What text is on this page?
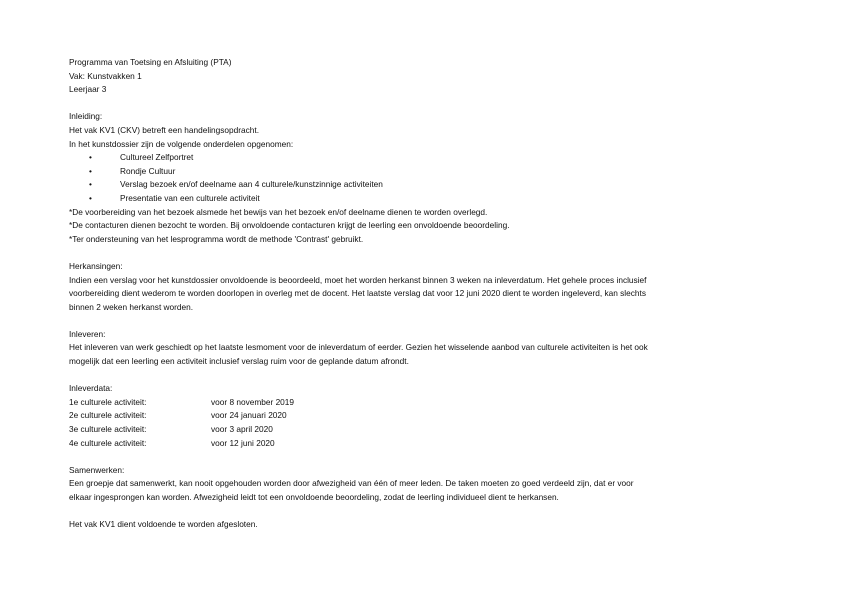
Programma van Toetsing en Afsluiting (PTA)
Vak: Kunstvakken 1
Leerjaar 3
Inleiding:
Het vak KV1 (CKV) betreft een handelingsopdracht.
In het kunstdossier zijn de volgende onderdelen opgenomen:
•	Cultureel Zelfportret
•	Rondje Cultuur
•	Verslag bezoek en/of deelname aan 4 culturele/kunstzinnige activiteiten
•	Presentatie van een culturele activiteit
*De voorbereiding van het bezoek alsmede het bewijs van het bezoek en/of deelname dienen te worden overlegd.
*De contacturen dienen bezocht te worden. Bij onvoldoende contacturen krijgt de leerling een onvoldoende beoordeling.
*Ter ondersteuning van het lesprogramma wordt de methode 'Contrast' gebruikt.
Herkansingen:
Indien een verslag voor het kunstdossier onvoldoende is beoordeeld, moet het worden herkanst binnen 3 weken na inleverdatum. Het gehele proces inclusief
voorbereiding dient wederom te worden doorlopen in overleg met de docent. Het laatste verslag dat voor 12 juni 2020 dient te worden ingeleverd, kan slechts
binnen 2 weken herkanst worden.
Inleveren:
Het inleveren van werk geschiedt op het laatste lesmoment voor de inleverdatum of eerder. Gezien het wisselende aanbod van culturele activiteiten is het ook
mogelijk dat een leerling een activiteit inclusief verslag ruim voor de geplande datum afrondt.
Inleverdata:
1e culturele activiteit:	voor 8 november 2019
2e culturele activiteit:	voor 24 januari 2020
3e culturele activiteit:	voor 3 april 2020
4e culturele activiteit:	voor 12 juni 2020
Samenwerken:
Een groepje dat samenwerkt, kan nooit opgehouden worden door afwezigheid van één of meer leden. De taken moeten zo goed verdeeld zijn, dat er voor
elkaar ingesprongen kan worden. Afwezigheid leidt tot een onvoldoende beoordeling, zodat de leerling individueel dient te herkansen.
Het vak KV1 dient voldoende te worden afgesloten.
